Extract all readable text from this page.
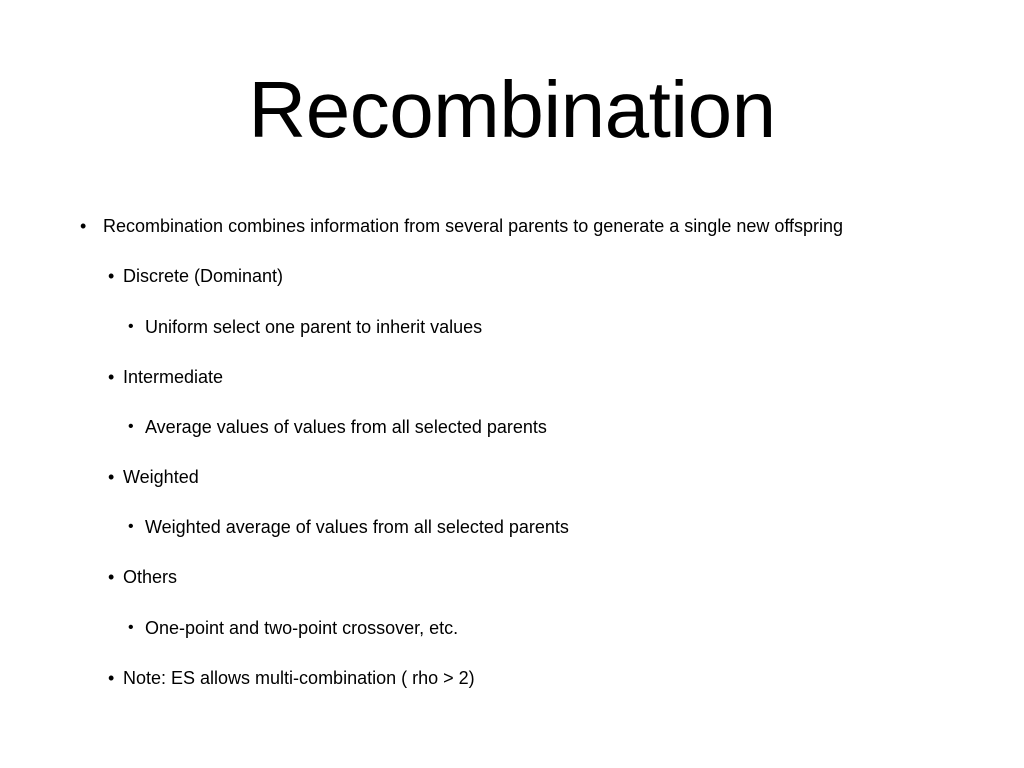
Recombination
• Recombination combines information from several parents to generate a single new offspring
• Discrete (Dominant)
• Uniform select one parent to inherit values
• Intermediate
• Average values of values from all selected parents
• Weighted
• Weighted average of values from all selected parents
• Others
• One-point and two-point crossover, etc.
• Note: ES allows multi-combination ( rho > 2)
